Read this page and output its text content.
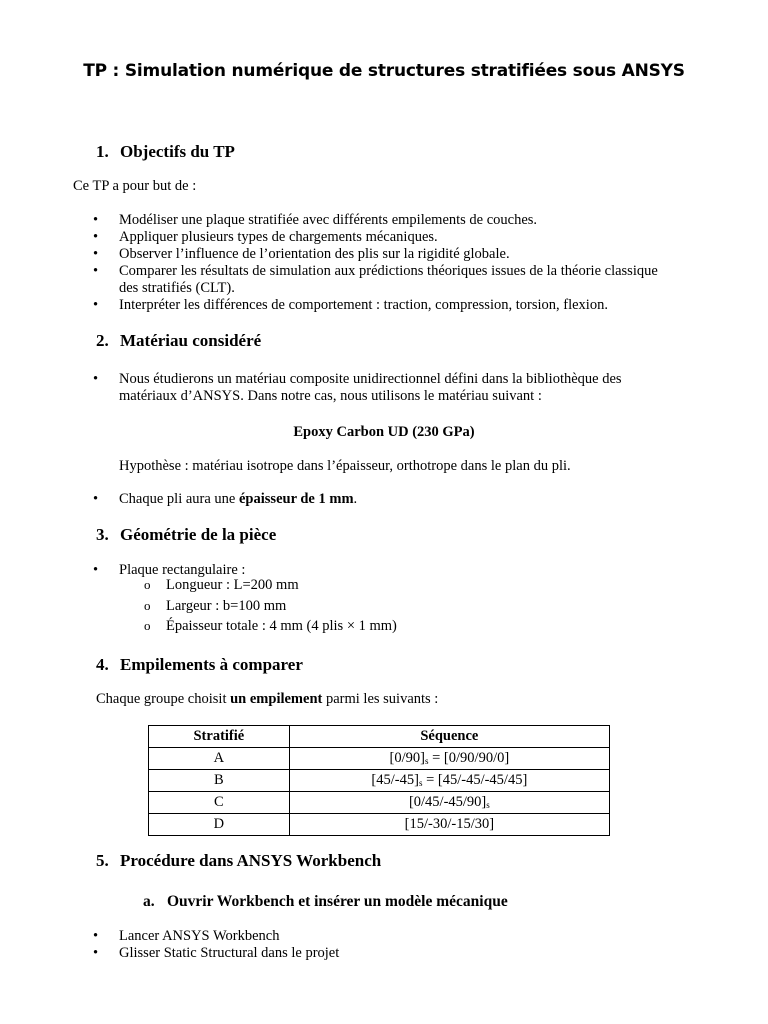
TP : Simulation numérique de structures stratifiées sous ANSYS
1. Objectifs du TP
Ce TP a pour but de :
• Modéliser une plaque stratifiée avec différents empilements de couches.
• Appliquer plusieurs types de chargements mécaniques.
• Observer l’influence de l’orientation des plis sur la rigidité globale.
• Comparer les résultats de simulation aux prédictions théoriques issues de la théorie classique des stratifiés (CLT).
• Interpréter les différences de comportement : traction, compression, torsion, flexion.
2. Matériau considéré
• Nous étudierons un matériau composite unidirectionnel défini dans la bibliothèque des matériaux d’ANSYS. Dans notre cas, nous utilisons le matériau suivant :
Epoxy Carbon UD (230 GPa)
Hypothèse : matériau isotrope dans l’épaisseur, orthotrope dans le plan du pli.
• Chaque pli aura une épaisseur de 1 mm.
3. Géométrie de la pièce
• Plaque rectangulaire :
o Longueur : L=200 mm
o Largeur : b=100 mm
o Épaisseur totale : 4 mm (4 plis × 1 mm)
4. Empilements à comparer
Chaque groupe choisit un empilement parmi les suivants :
Stratifié	Séquence
A	$[0/90]_s = [0/90/90/0]$
B	$[45/-45]_s = [45/-45/-45/45]$
C	$[0/45/-45/90]_s$
D	[15/-30/-15/30]
5. Procédure dans ANSYS Workbench
a. Ouvrir Workbench et insérer un modèle mécanique
• Lancer ANSYS Workbench
• Glisser Static Structural dans le projet
